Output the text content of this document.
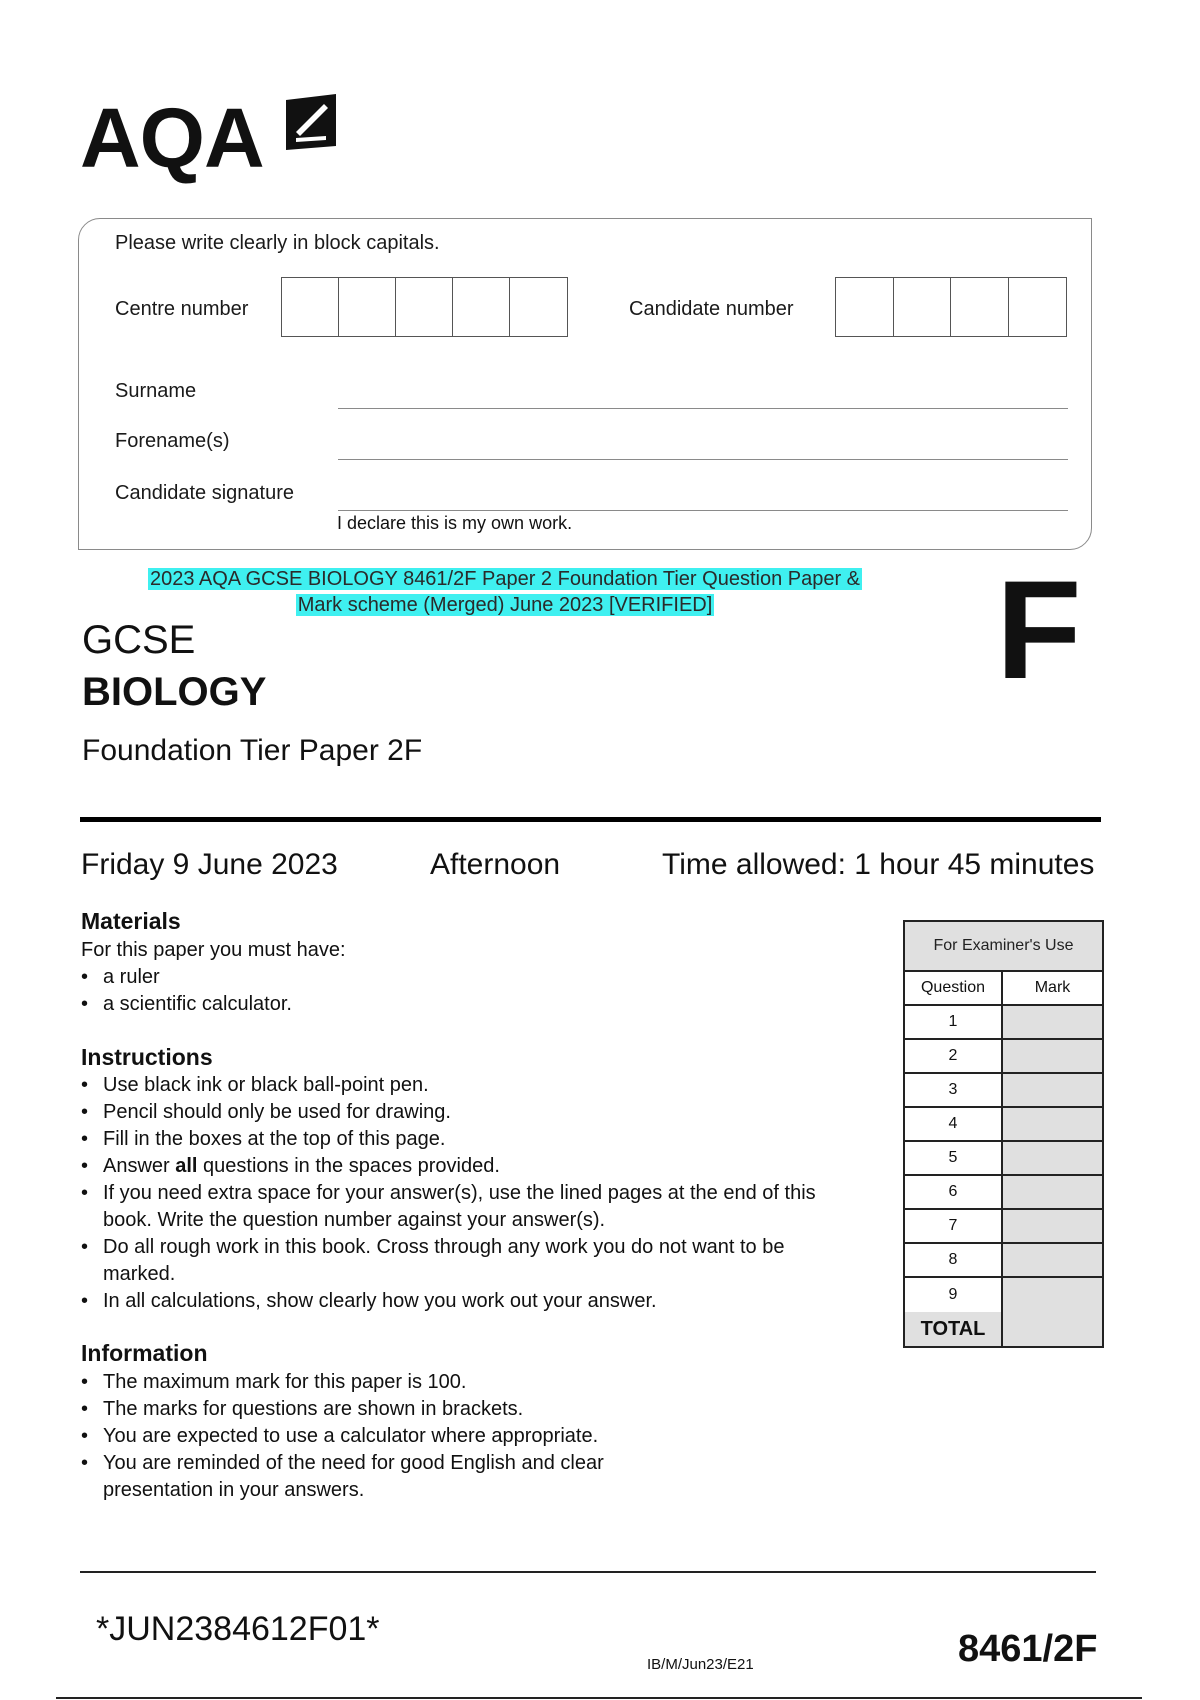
AQA
Please write clearly in block capitals.
Centre number	Candidate number
Surname
Forename(s)
Candidate signature
I declare this is my own work.
2023 AQA GCSE BIOLOGY 8461/2F Paper 2 Foundation Tier Question Paper &
Mark scheme (Merged) June 2023 [VERIFIED]	F
GCSE
BIOLOGY
Foundation Tier Paper 2F
Friday 9 June 2023	Afternoon	Time allowed: 1 hour 45 minutes
Materials
For this paper you must have:
• a ruler
• a scientific calculator.
Instructions
• Use black ink or black ball-point pen.
• Pencil should only be used for drawing.
• Fill in the boxes at the top of this page.
• Answer all questions in the spaces provided.
• If you need extra space for your answer(s), use the lined pages at the end of this book. Write the question number against your answer(s).
• Do all rough work in this book. Cross through any work you do not want to be marked.
• In all calculations, show clearly how you work out your answer.
Information
• The maximum mark for this paper is 100.
• The marks for questions are shown in brackets.
• You are expected to use a calculator where appropriate.
• You are reminded of the need for good English and clear presentation in your answers.
For Examiner's Use
Question	Mark
1
2
3
4
5
6
7
8
9
TOTAL
*JUN2384612F01*
IB/M/Jun23/E21	8461/2F
